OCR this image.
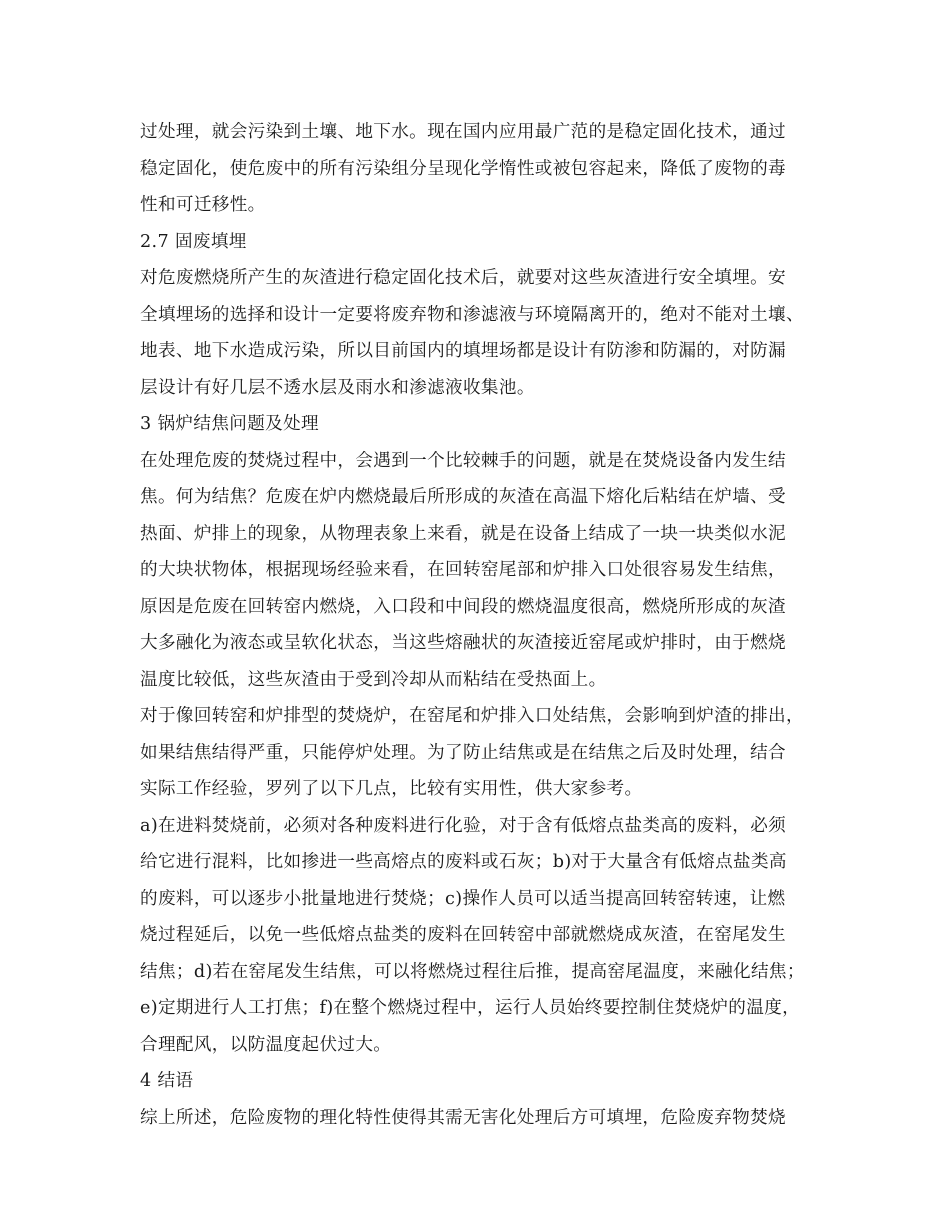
过处理，就会污染到土壤、地下水。现在国内应用最广范的是稳定固化技术，通过
稳定固化，使危废中的所有污染组分呈现化学惰性或被包容起来，降低了废物的毒
性和可迁移性。
2.7 固废填埋
对危废燃烧所产生的灰渣进行稳定固化技术后，就要对这些灰渣进行安全填埋。安
全填埋场的选择和设计一定要将废弃物和渗滤液与环境隔离开的，绝对不能对土壤、
地表、地下水造成污染，所以目前国内的填埋场都是设计有防渗和防漏的，对防漏
层设计有好几层不透水层及雨水和渗滤液收集池。
3 锅炉结焦问题及处理
在处理危废的焚烧过程中，会遇到一个比较棘手的问题，就是在焚烧设备内发生结
焦。何为结焦？危废在炉内燃烧最后所形成的灰渣在高温下熔化后粘结在炉墙、受
热面、炉排上的现象，从物理表象上来看，就是在设备上结成了一块一块类似水泥
的大块状物体，根据现场经验来看，在回转窑尾部和炉排入口处很容易发生结焦，
原因是危废在回转窑内燃烧，入口段和中间段的燃烧温度很高，燃烧所形成的灰渣
大多融化为液态或呈软化状态，当这些熔融状的灰渣接近窑尾或炉排时，由于燃烧
温度比较低，这些灰渣由于受到冷却从而粘结在受热面上。
对于像回转窑和炉排型的焚烧炉，在窑尾和炉排入口处结焦，会影响到炉渣的排出，
如果结焦结得严重，只能停炉处理。为了防止结焦或是在结焦之后及时处理，结合
实际工作经验，罗列了以下几点，比较有实用性，供大家参考。
a)在进料焚烧前，必须对各种废料进行化验，对于含有低熔点盐类高的废料，必须
给它进行混料，比如掺进一些高熔点的废料或石灰；b)对于大量含有低熔点盐类高
的废料，可以逐步小批量地进行焚烧；c)操作人员可以适当提高回转窑转速，让燃
烧过程延后，以免一些低熔点盐类的废料在回转窑中部就燃烧成灰渣，在窑尾发生
结焦；d)若在窑尾发生结焦，可以将燃烧过程往后推，提高窑尾温度，来融化结焦；
e)定期进行人工打焦；f)在整个燃烧过程中，运行人员始终要控制住焚烧炉的温度，
合理配风，以防温度起伏过大。
4 结语
综上所述，危险废物的理化特性使得其需无害化处理后方可填埋，危险废弃物焚烧
